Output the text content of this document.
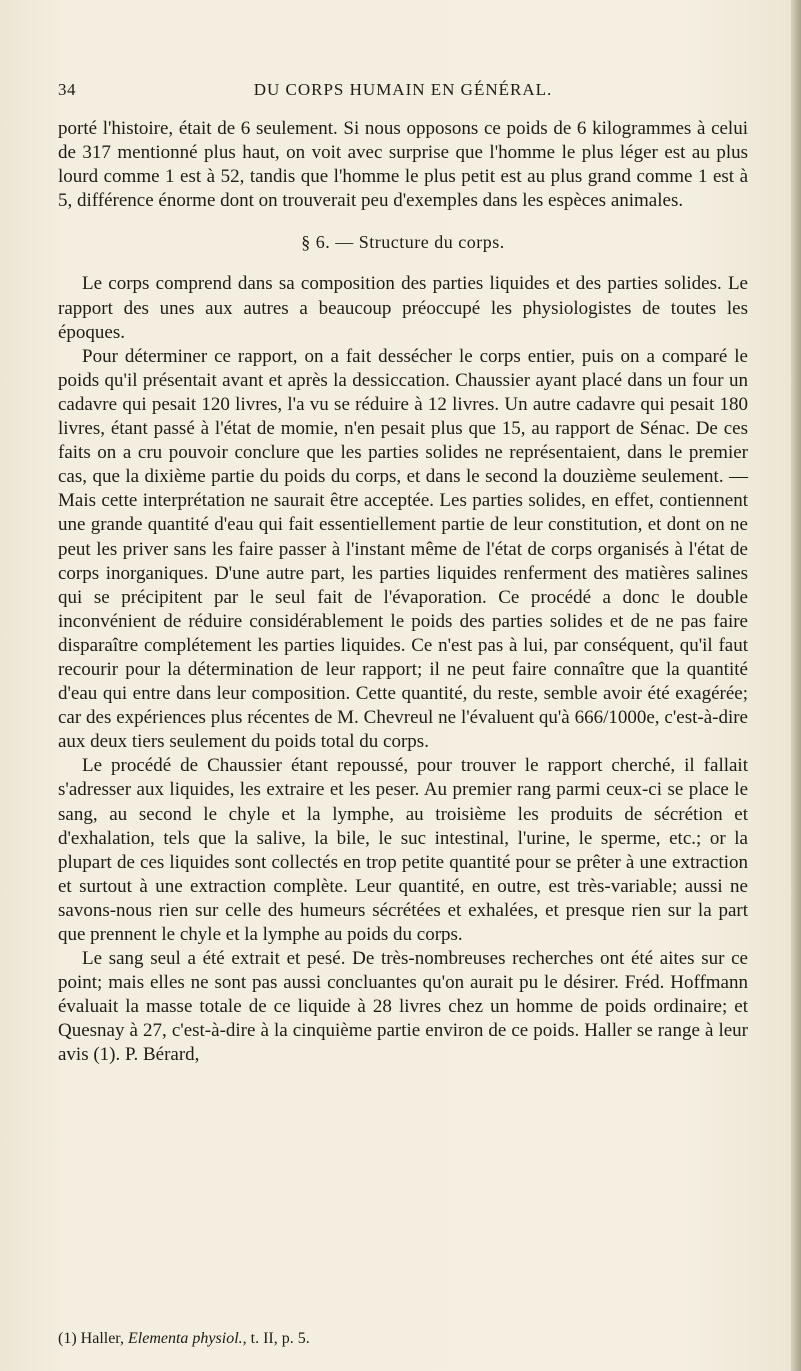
34	DU CORPS HUMAIN EN GÉNÉRAL.

porté l'histoire, était de 6 seulement. Si nous opposons ce poids de 6 kilogrammes à celui de 317 mentionné plus haut, on voit avec surprise que l'homme le plus léger est au plus lourd comme 1 est à 52, tandis que l'homme le plus petit est au plus grand comme 1 est à 5, différence énorme dont on trouverait peu d'exemples dans les espèces animales.

§ 6. — Structure du corps.

Le corps comprend dans sa composition des parties liquides et des parties solides. Le rapport des unes aux autres a beaucoup préoccupé les physiologistes de toutes les époques.

Pour déterminer ce rapport, on a fait dessécher le corps entier, puis on a comparé le poids qu'il présentait avant et après la dessiccation. Chaussier ayant placé dans un four un cadavre qui pesait 120 livres, l'a vu se réduire à 12 livres. Un autre cadavre qui pesait 180 livres, étant passé à l'état de momie, n'en pesait plus que 15, au rapport de Sénac. De ces faits on a cru pouvoir conclure que les parties solides ne représentaient, dans le premier cas, que la dixième partie du poids du corps, et dans le second la douzième seulement. — Mais cette interprétation ne saurait être acceptée. Les parties solides, en effet, contiennent une grande quantité d'eau qui fait essentiellement partie de leur constitution, et dont on ne peut les priver sans les faire passer à l'instant même de l'état de corps organisés à l'état de corps inorganiques. D'une autre part, les parties liquides renferment des matières salines qui se précipitent par le seul fait de l'évaporation. Ce procédé a donc le double inconvénient de réduire considérablement le poids des parties solides et de ne pas faire disparaître complétement les parties liquides. Ce n'est pas à lui, par conséquent, qu'il faut recourir pour la détermination de leur rapport; il ne peut faire connaître que la quantité d'eau qui entre dans leur composition. Cette quantité, du reste, semble avoir été exagérée; car des expériences plus récentes de M. Chevreul ne l'évaluent qu'à 666/1000e, c'est-à-dire aux deux tiers seulement du poids total du corps.

Le procédé de Chaussier étant repoussé, pour trouver le rapport cherché, il fallait s'adresser aux liquides, les extraire et les peser. Au premier rang parmi ceux-ci se place le sang, au second le chyle et la lymphe, au troisième les produits de sécrétion et d'exhalation, tels que la salive, la bile, le suc intestinal, l'urine, le sperme, etc.; or la plupart de ces liquides sont collectés en trop petite quantité pour se prêter à une extraction et surtout à une extraction complète. Leur quantité, en outre, est très-variable; aussi ne savons-nous rien sur celle des humeurs sécrétées et exhalées, et presque rien sur la part que prennent le chyle et la lymphe au poids du corps.

Le sang seul a été extrait et pesé. De très-nombreuses recherches ont été aites sur ce point; mais elles ne sont pas aussi concluantes qu'on aurait pu le désirer. Fréd. Hoffmann évaluait la masse totale de ce liquide à 28 livres chez un homme de poids ordinaire; et Quesnay à 27, c'est-à-dire à la cinquième partie environ de ce poids. Haller se range à leur avis (1). P. Bérard,

(1) Haller, Elementa physiol., t. II, p. 5.
